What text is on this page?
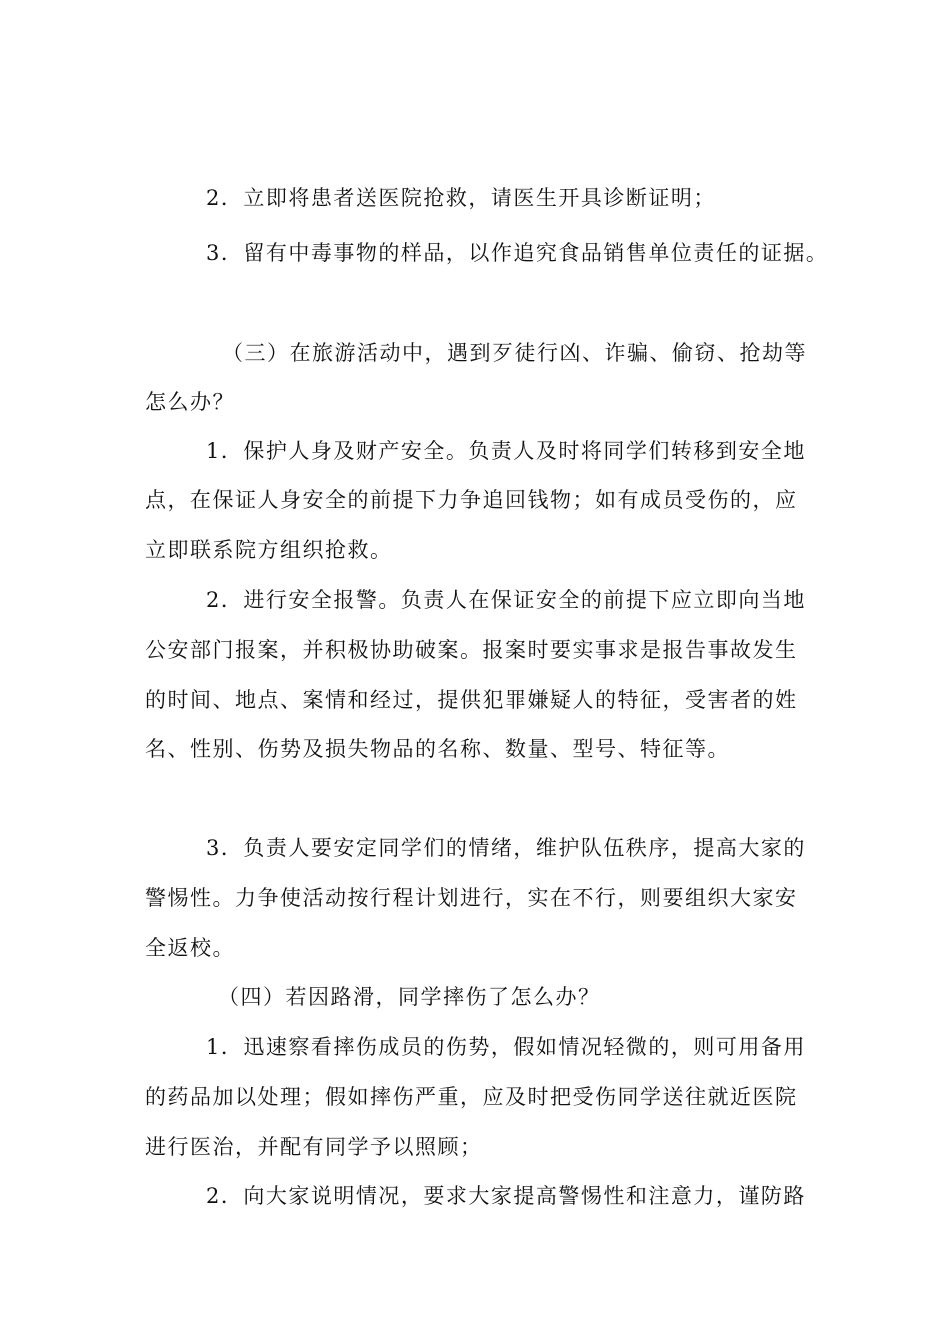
2．立即将患者送医院抢救，请医生开具诊断证明；
3．留有中毒事物的样品，以作追究食品销售单位责任的证据。
（三）在旅游活动中，遇到歹徒行凶、诈骗、偷窃、抢劫等
怎么办？
1．保护人身及财产安全。负责人及时将同学们转移到安全地
点，在保证人身安全的前提下力争追回钱物；如有成员受伤的，应
立即联系院方组织抢救。
2．进行安全报警。负责人在保证安全的前提下应立即向当地
公安部门报案，并积极协助破案。报案时要实事求是报告事故发生
的时间、地点、案情和经过，提供犯罪嫌疑人的特征，受害者的姓
名、性别、伤势及损失物品的名称、数量、型号、特征等。
3．负责人要安定同学们的情绪，维护队伍秩序，提高大家的
警惕性。力争使活动按行程计划进行，实在不行，则要组织大家安
全返校。
（四）若因路滑，同学摔伤了怎么办？
1．迅速察看摔伤成员的伤势，假如情况轻微的，则可用备用
的药品加以处理；假如摔伤严重，应及时把受伤同学送往就近医院
进行医治，并配有同学予以照顾；
2．向大家说明情况，要求大家提高警惕性和注意力，谨防路
